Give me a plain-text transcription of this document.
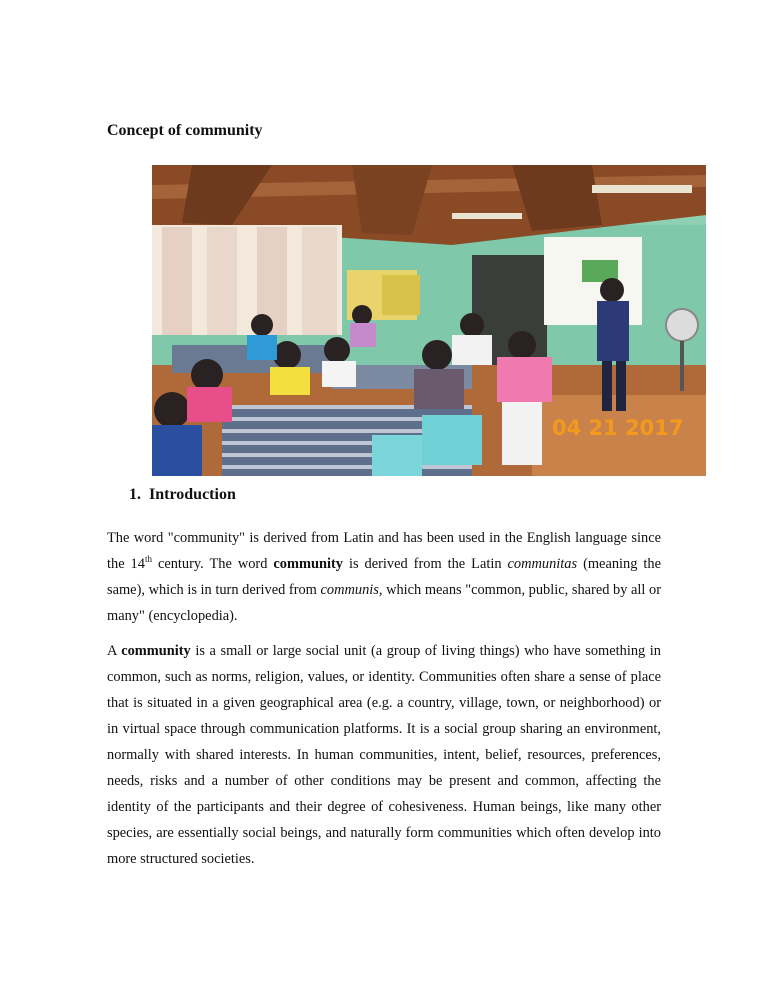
Concept of community
04 21 2017
1. Introduction

The word "community" is derived from Latin and has been used in the English language since the 14th century. The word community is derived from the Latin communitas (meaning the same), which is in turn derived from communis, which means "common, public, shared by all or many" (encyclopedia).

A community is a small or large social unit (a group of living things) who have something in common, such as norms, religion, values, or identity. Communities often share a sense of place that is situated in a given geographical area (e.g. a country, village, town, or neighborhood) or in virtual space through communication platforms. It is a social group sharing an environment, normally with shared interests. In human communities, intent, belief, resources, preferences, needs, risks and a number of other conditions may be present and common, affecting the identity of the participants and their degree of cohesiveness. Human beings, like many other species, are essentially social beings, and naturally form communities which often develop into more structured societies.
